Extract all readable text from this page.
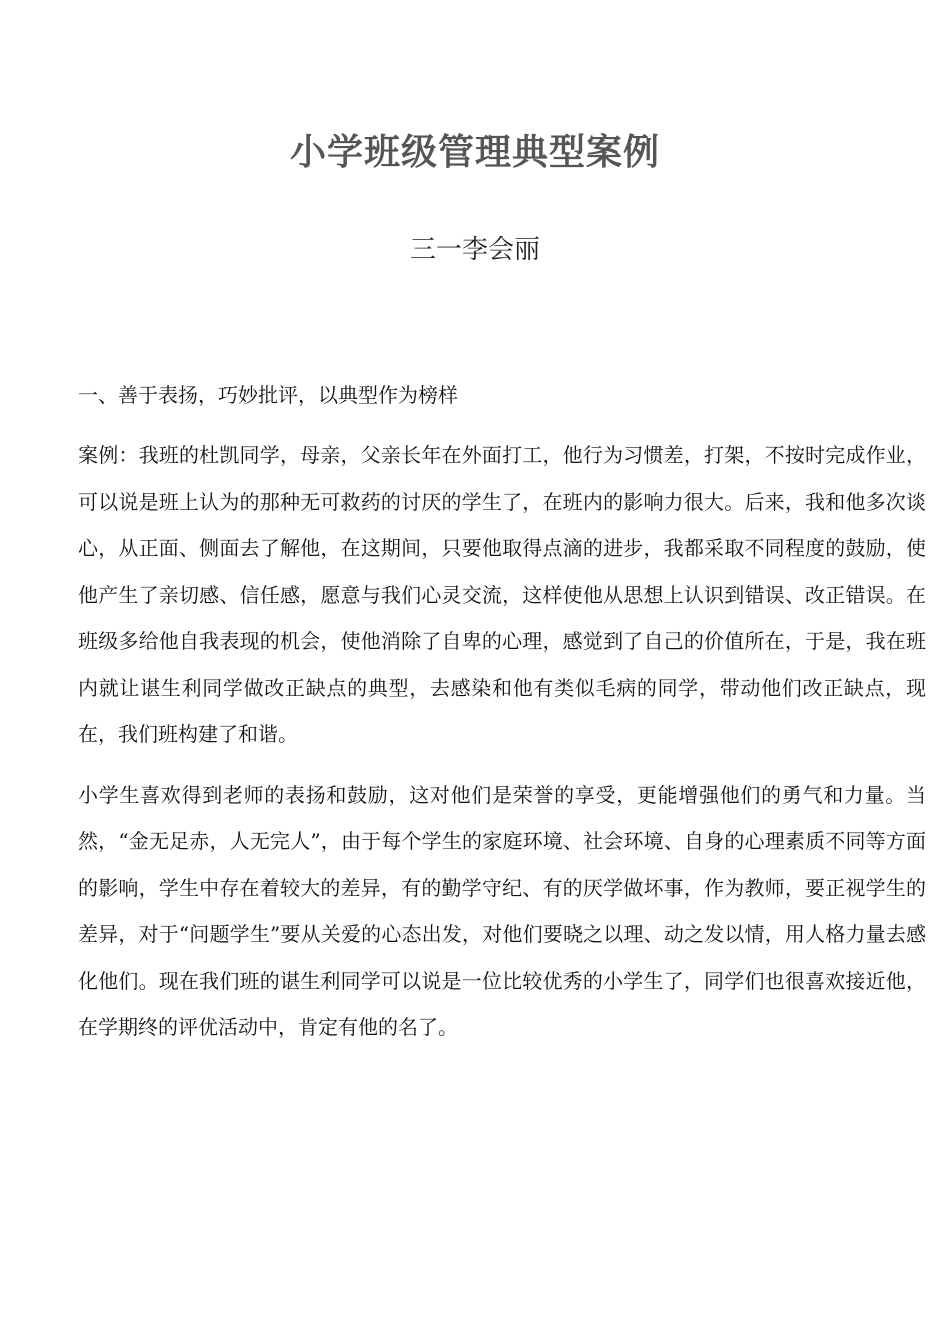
小学班级管理典型案例
三一李会丽
一、善于表扬，巧妙批评，以典型作为榜样

案例：我班的杜凯同学，母亲，父亲长年在外面打工，他行为习惯差，打架，不按时完成作业，可以说是班上认为的那种无可救药的讨厌的学生了，在班内的影响力很大。后来，我和他多次谈心，从正面、侧面去了解他，在这期间，只要他取得点滴的进步，我都采取不同程度的鼓励，使他产生了亲切感、信任感，愿意与我们心灵交流，这样使他从思想上认识到错误、改正错误。在班级多给他自我表现的机会，使他消除了自卑的心理，感觉到了自己的价值所在，于是，我在班内就让谌生利同学做改正缺点的典型，去感染和他有类似毛病的同学，带动他们改正缺点，现在，我们班构建了和谐。

小学生喜欢得到老师的表扬和鼓励，这对他们是荣誉的享受，更能增强他们的勇气和力量。当然，“金无足赤，人无完人”，由于每个学生的家庭环境、社会环境、自身的心理素质不同等方面的影响，学生中存在着较大的差异，有的勤学守纪、有的厌学做坏事，作为教师，要正视学生的差异，对于“问题学生”要从关爱的心态出发，对他们要晓之以理、动之发以情，用人格力量去感化他们。现在我们班的谌生利同学可以说是一位比较优秀的小学生了，同学们也很喜欢接近他，在学期终的评优活动中，肯定有他的名了。
